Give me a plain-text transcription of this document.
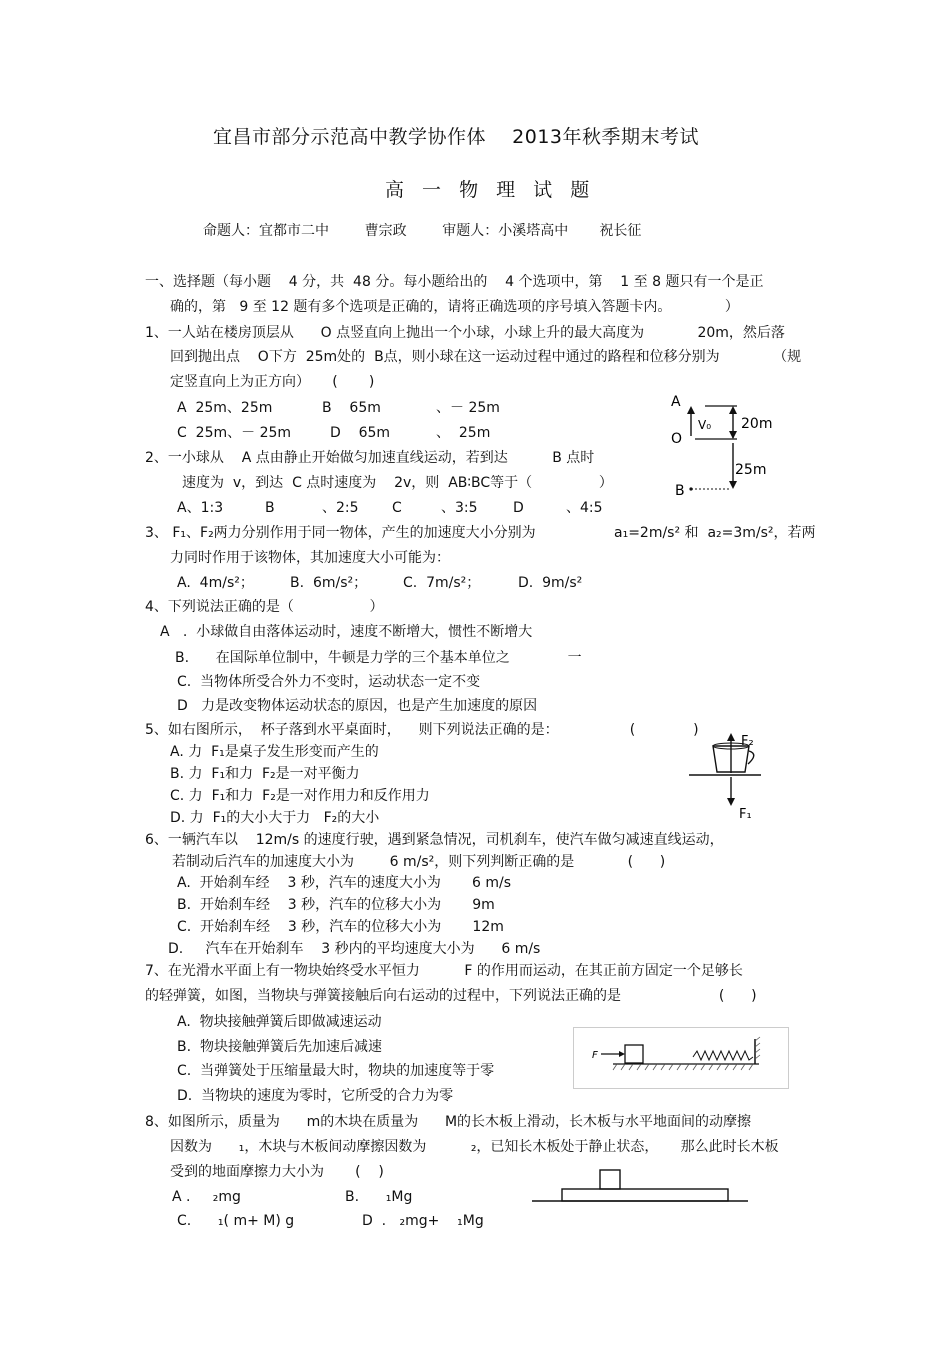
宜昌市部分示范高中教学协作体    2013年秋季期末考试
高 一 物 理 试 题
命题人：宜都市二中        曹宗政        审题人：小溪塔高中       祝长征
一、选择题（每小题    4 分，共  48 分。每小题给出的    4 个选项中，第    1 至 8 题只有一个是正
确的，第   9 至 12 题有多个选项是正确的，请将正确选项的序号填入答题卡内。            ）
1、一人站在楼房顶层从      O 点竖直向上抛出一个小球，小球上升的最大高度为            20m，然后落
回到抛出点    O下方  25m处的  B点，则小球在这一运动过程中通过的路程和位移分别为            （规
定竖直向上为正方向）     (       )
A  25m、25m	B    65m	、－ 25m
C  25m、－ 25m	D    65m	、  25m
A
O
B
V₀ 20m
25m
2、一小球从    A 点由静止开始做匀加速直线运动，若到达          B 点时
速度为  v，到达  C 点时速度为    2v，则  AB∶BC等于（               ）
A、1:3	B	、2:5 C	、3:5	D	、4:5
3、 F₁、F₂两力分别作用于同一物体，产生的加速度大小分别为	a₁=2m/s² 和  a₂=3m/s²，若两
力同时作用于该物体，其加速度大小可能为：
A.  4m/s²；	B.  6m/s²；	C.  7m/s²；	D.  9m/s²
4、下列说法正确的是（                 ）
A   .  小球做自由落体运动时，速度不断增大，惯性不断增大
B.      在国际单位制中，牛顿是力学的三个基本单位之             一
C.  当物体所受合外力不变时，运动状态一定不变
D   力是改变物体运动状态的原因，也是产生加速度的原因
5、如右图所示，  杯子落到水平桌面时，    则下列说法正确的是：                (             )
A. 力  F₁是桌子发生形变而产生的
B. 力  F₁和力  F₂是一对平衡力
C. 力  F₁和力  F₂是一对作用力和反作用力
D. 力  F₁的大小大于力   F₂的大小
F₂
F₁
6、一辆汽车以    12m/s 的速度行驶，遇到紧急情况，司机刹车，使汽车做匀减速直线运动，
若制动后汽车的加速度大小为        6 m/s²，则下列判断正确的是            (      )
A.  开始刹车经    3 秒，汽车的速度大小为       6 m/s
B.  开始刹车经    3 秒，汽车的位移大小为       9m
C.  开始刹车经    3 秒，汽车的位移大小为       12m
D.     汽车在开始刹车    3 秒内的平均速度大小为      6 m/s
7、在光滑水平面上有一物块始终受水平恒力          F 的作用而运动，在其正前方固定一个足够长
的轻弹簧，如图，当物块与弹簧接触后向右运动的过程中，下列说法正确的是                      (      )
A.  物块接触弹簧后即做减速运动
B.  物块接触弹簧后先加速后减速
C.  当弹簧处于压缩量最大时，物块的加速度等于零
D.  当物块的速度为零时，它所受的合力为零
F
8、如图所示，质量为      m的木块在质量为      M的长木板上滑动，长木板与水平地面间的动摩擦
因数为      ₁，木块与木板间动摩擦因数为          ₂，已知长木板处于静止状态，     那么此时长木板
受到的地面摩擦力大小为       (    )
A .     ₂mg	B.      ₁Mg
C.      ₁( m+ M) g	D  .   ₂mg+    ₁Mg
